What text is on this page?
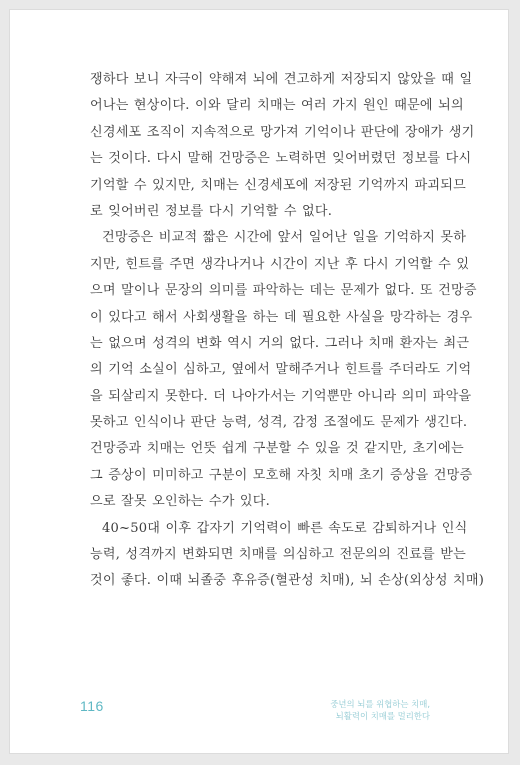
쟁하다 보니 자극이 약해져 뇌에 견고하게 저장되지 않았을 때 일
어나는 현상이다. 이와 달리 치매는 여러 가지 원인 때문에 뇌의
신경세포 조직이 지속적으로 망가져 기억이나 판단에 장애가 생기
는 것이다. 다시 말해 건망증은 노력하면 잊어버렸던 정보를 다시
기억할 수 있지만, 치매는 신경세포에 저장된 기억까지 파괴되므
로 잊어버린 정보를 다시 기억할 수 없다.
건망증은 비교적 짧은 시간에 앞서 일어난 일을 기억하지 못하
지만, 힌트를 주면 생각나거나 시간이 지난 후 다시 기억할 수 있
으며 말이나 문장의 의미를 파악하는 데는 문제가 없다. 또 건망증
이 있다고 해서 사회생활을 하는 데 필요한 사실을 망각하는 경우
는 없으며 성격의 변화 역시 거의 없다. 그러나 치매 환자는 최근
의 기억 소실이 심하고, 옆에서 말해주거나 힌트를 주더라도 기억
을 되살리지 못한다. 더 나아가서는 기억뿐만 아니라 의미 파악을
못하고 인식이나 판단 능력, 성격, 감정 조절에도 문제가 생긴다.
건망증과 치매는 언뜻 쉽게 구분할 수 있을 것 같지만, 초기에는
그 증상이 미미하고 구분이 모호해 자칫 치매 초기 증상을 건망증
으로 잘못 오인하는 수가 있다.
40~50대 이후 갑자기 기억력이 빠른 속도로 감퇴하거나 인식
능력, 성격까지 변화되면 치매를 의심하고 전문의의 진료를 받는
것이 좋다. 이때 뇌졸중 후유증(혈관성 치매), 뇌 손상(외상성 치매)
116	중년의 뇌를 위협하는 치매,
뇌활력이 치매를 멀리한다
